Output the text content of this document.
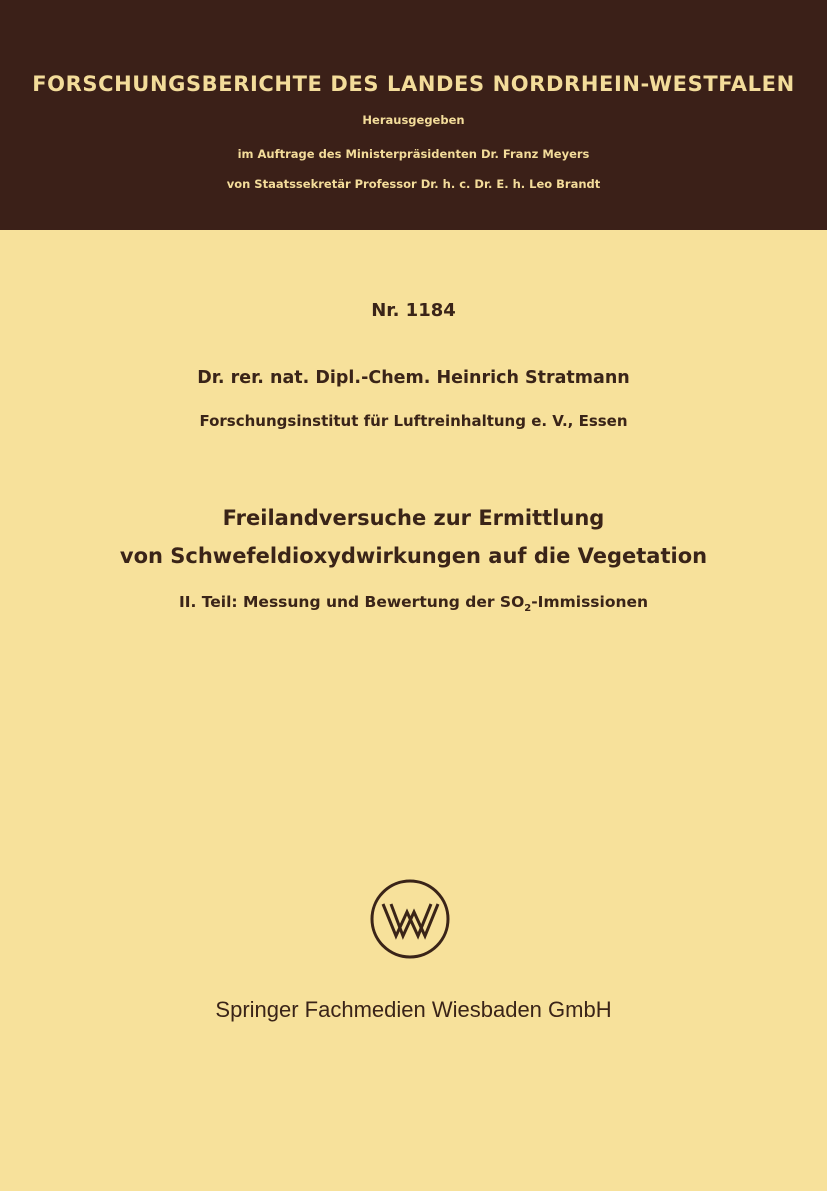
FORSCHUNGSBERICHTE DES LANDES NORDRHEIN-WESTFALEN
Herausgegeben
im Auftrage des Ministerpräsidenten Dr. Franz Meyers
von Staatssekretär Professor Dr. h. c. Dr. E. h. Leo Brandt
Nr. 1184
Dr. rer. nat. Dipl.-Chem. Heinrich Stratmann
Forschungsinstitut für Luftreinhaltung e. V., Essen
Freilandversuche zur Ermittlung
von Schwefeldioxydwirkungen auf die Vegetation
II. Teil: Messung und Bewertung der $SO_2$-Immissionen
Springer Fachmedien Wiesbaden GmbH
